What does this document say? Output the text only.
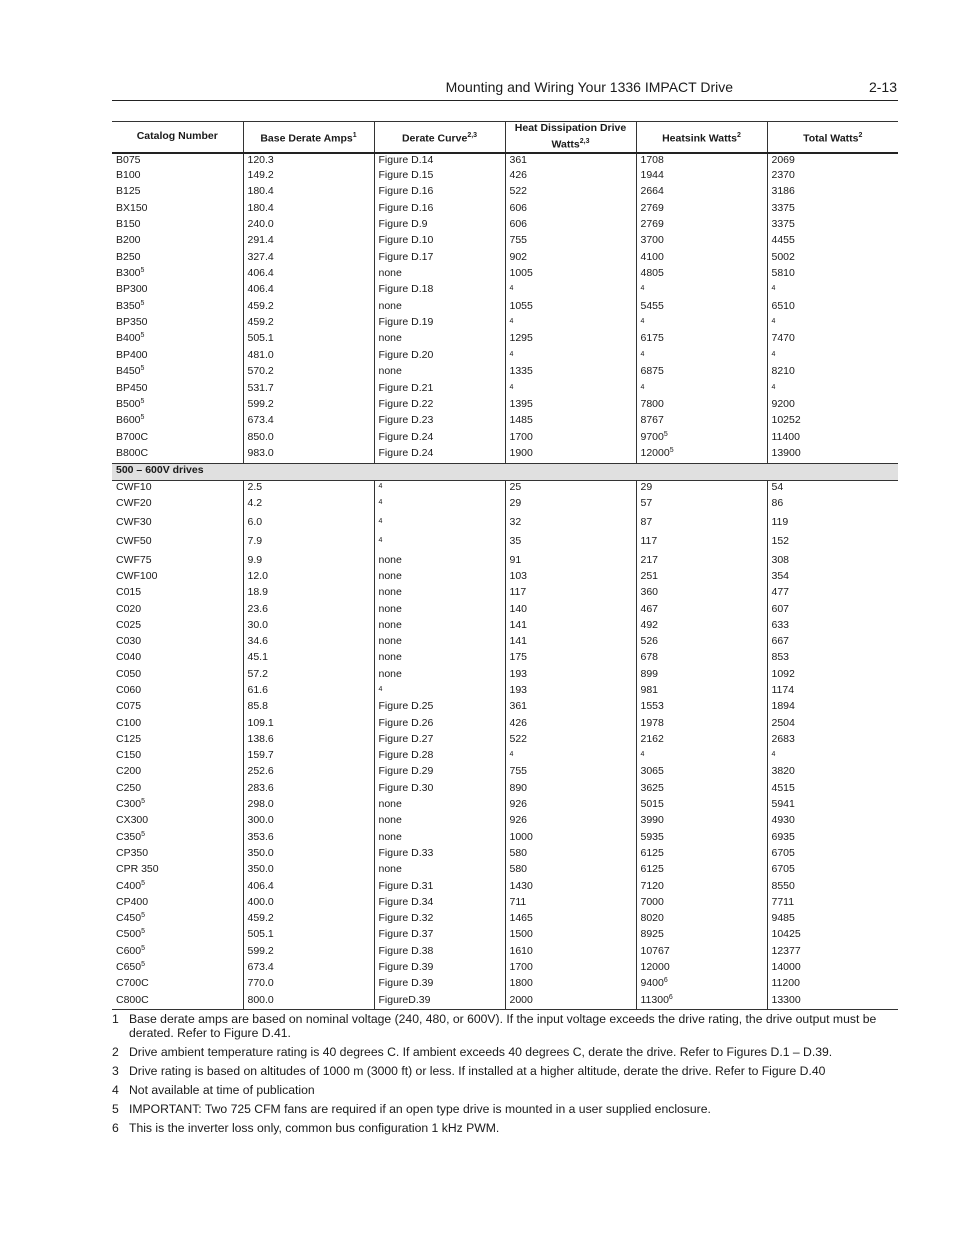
Mounting and Wiring Your 1336 IMPACT Drive	2-13
Catalog Number	Base Derate Amps$^1$	Derate Curve$^{2,3}$	Heat Dissipation Drive Watts$^{2,3}$	Heatsink Watts$^2$	Total Watts$^2$
B075	120.3	Figure D.14	361	1708	2069
B100	149.2	Figure D.15	426	1944	2370
B125	180.4	Figure D.16	522	2664	3186
BX150	180.4	Figure D.16	606	2769	3375
B150	240.0	Figure D.9	606	2769	3375
B200	291.4	Figure D.10	755	3700	4455
B250	327.4	Figure D.17	902	4100	5002
$B300^5$	406.4	none	1005	4805	5810
BP300	406.4	Figure D.18	4	4	4
$B350^5$	459.2	none	1055	5455	6510
BP350	459.2	Figure D.19	4	4	4
$B400^5$	505.1	none	1295	6175	7470
BP400	481.0	Figure D.20	4	4	4
$B450^5$	570.2	none	1335	6875	8210
BP450	531.7	Figure D.21	4	4	4
$B500^5$	599.2	Figure D.22	1395	7800	9200
$B600^5$	673.4	Figure D.23	1485	8767	10252
B700C	850.0	Figure D.24	1700	9700$^5$	11400
B800C	983.0	Figure D.24	1900	12000$^5$	13900
500 – 600V drives					
CWF10	2.5	4	25	29	54
CWF20	4.2	4	29	57	86
CWF30	6.0	4	32	87	119
CWF50	7.9	4	35	117	152
CWF75	9.9	none	91	217	308
CWF100	12.0	none	103	251	354
C015	18.9	none	117	360	477
C020	23.6	none	140	467	607
C025	30.0	none	141	492	633
C030	34.6	none	141	526	667
C040	45.1	none	175	678	853
C050	57.2	none	193	899	1092
C060	61.6	4	193	981	1174
C075	85.8	Figure D.25	361	1553	1894
C100	109.1	Figure D.26	426	1978	2504
C125	138.6	Figure D.27	522	2162	2683
C150	159.7	Figure D.28	4	4	4
C200	252.6	Figure D.29	755	3065	3820
C250	283.6	Figure D.30	890	3625	4515
$C300^5$	298.0	none	926	5015	5941
CX300	300.0	none	926	3990	4930
$C350^5$	353.6	none	1000	5935	6935
CP350	350.0	Figure D.33	580	6125	6705
CPR 350	350.0	none	580	6125	6705
$C400^5$	406.4	Figure D.31	1430	7120	8550
CP400	400.0	Figure D.34	711	7000	7711
$C450^5$	459.2	Figure D.32	1465	8020	9485
$C500^5$	505.1	Figure D.37	1500	8925	10425
$C600^5$	599.2	Figure D.38	1610	10767	12377
$C650^5$	673.4	Figure D.39	1700	12000	14000
C700C	770.0	Figure D.39	1800	9400$^6$	11200
C800C	800.0	FigureD.39	2000	11300$^6$	13300
1 Base derate amps are based on nominal voltage (240, 480, or 600V). If the input voltage exceeds the drive rating, the drive output must be derated. Refer to Figure D.41.
2 Drive ambient temperature rating is 40 degrees C. If ambient exceeds 40 degrees C, derate the drive. Refer to Figures D.1 – D.39.
3 Drive rating is based on altitudes of 1000 m (3000 ft) or less. If installed at a higher altitude, derate the drive. Refer to Figure D.40
4 Not available at time of publication
5 IMPORTANT: Two 725 CFM fans are required if an open type drive is mounted in a user supplied enclosure.
6 This is the inverter loss only, common bus configuration 1 kHz PWM.
